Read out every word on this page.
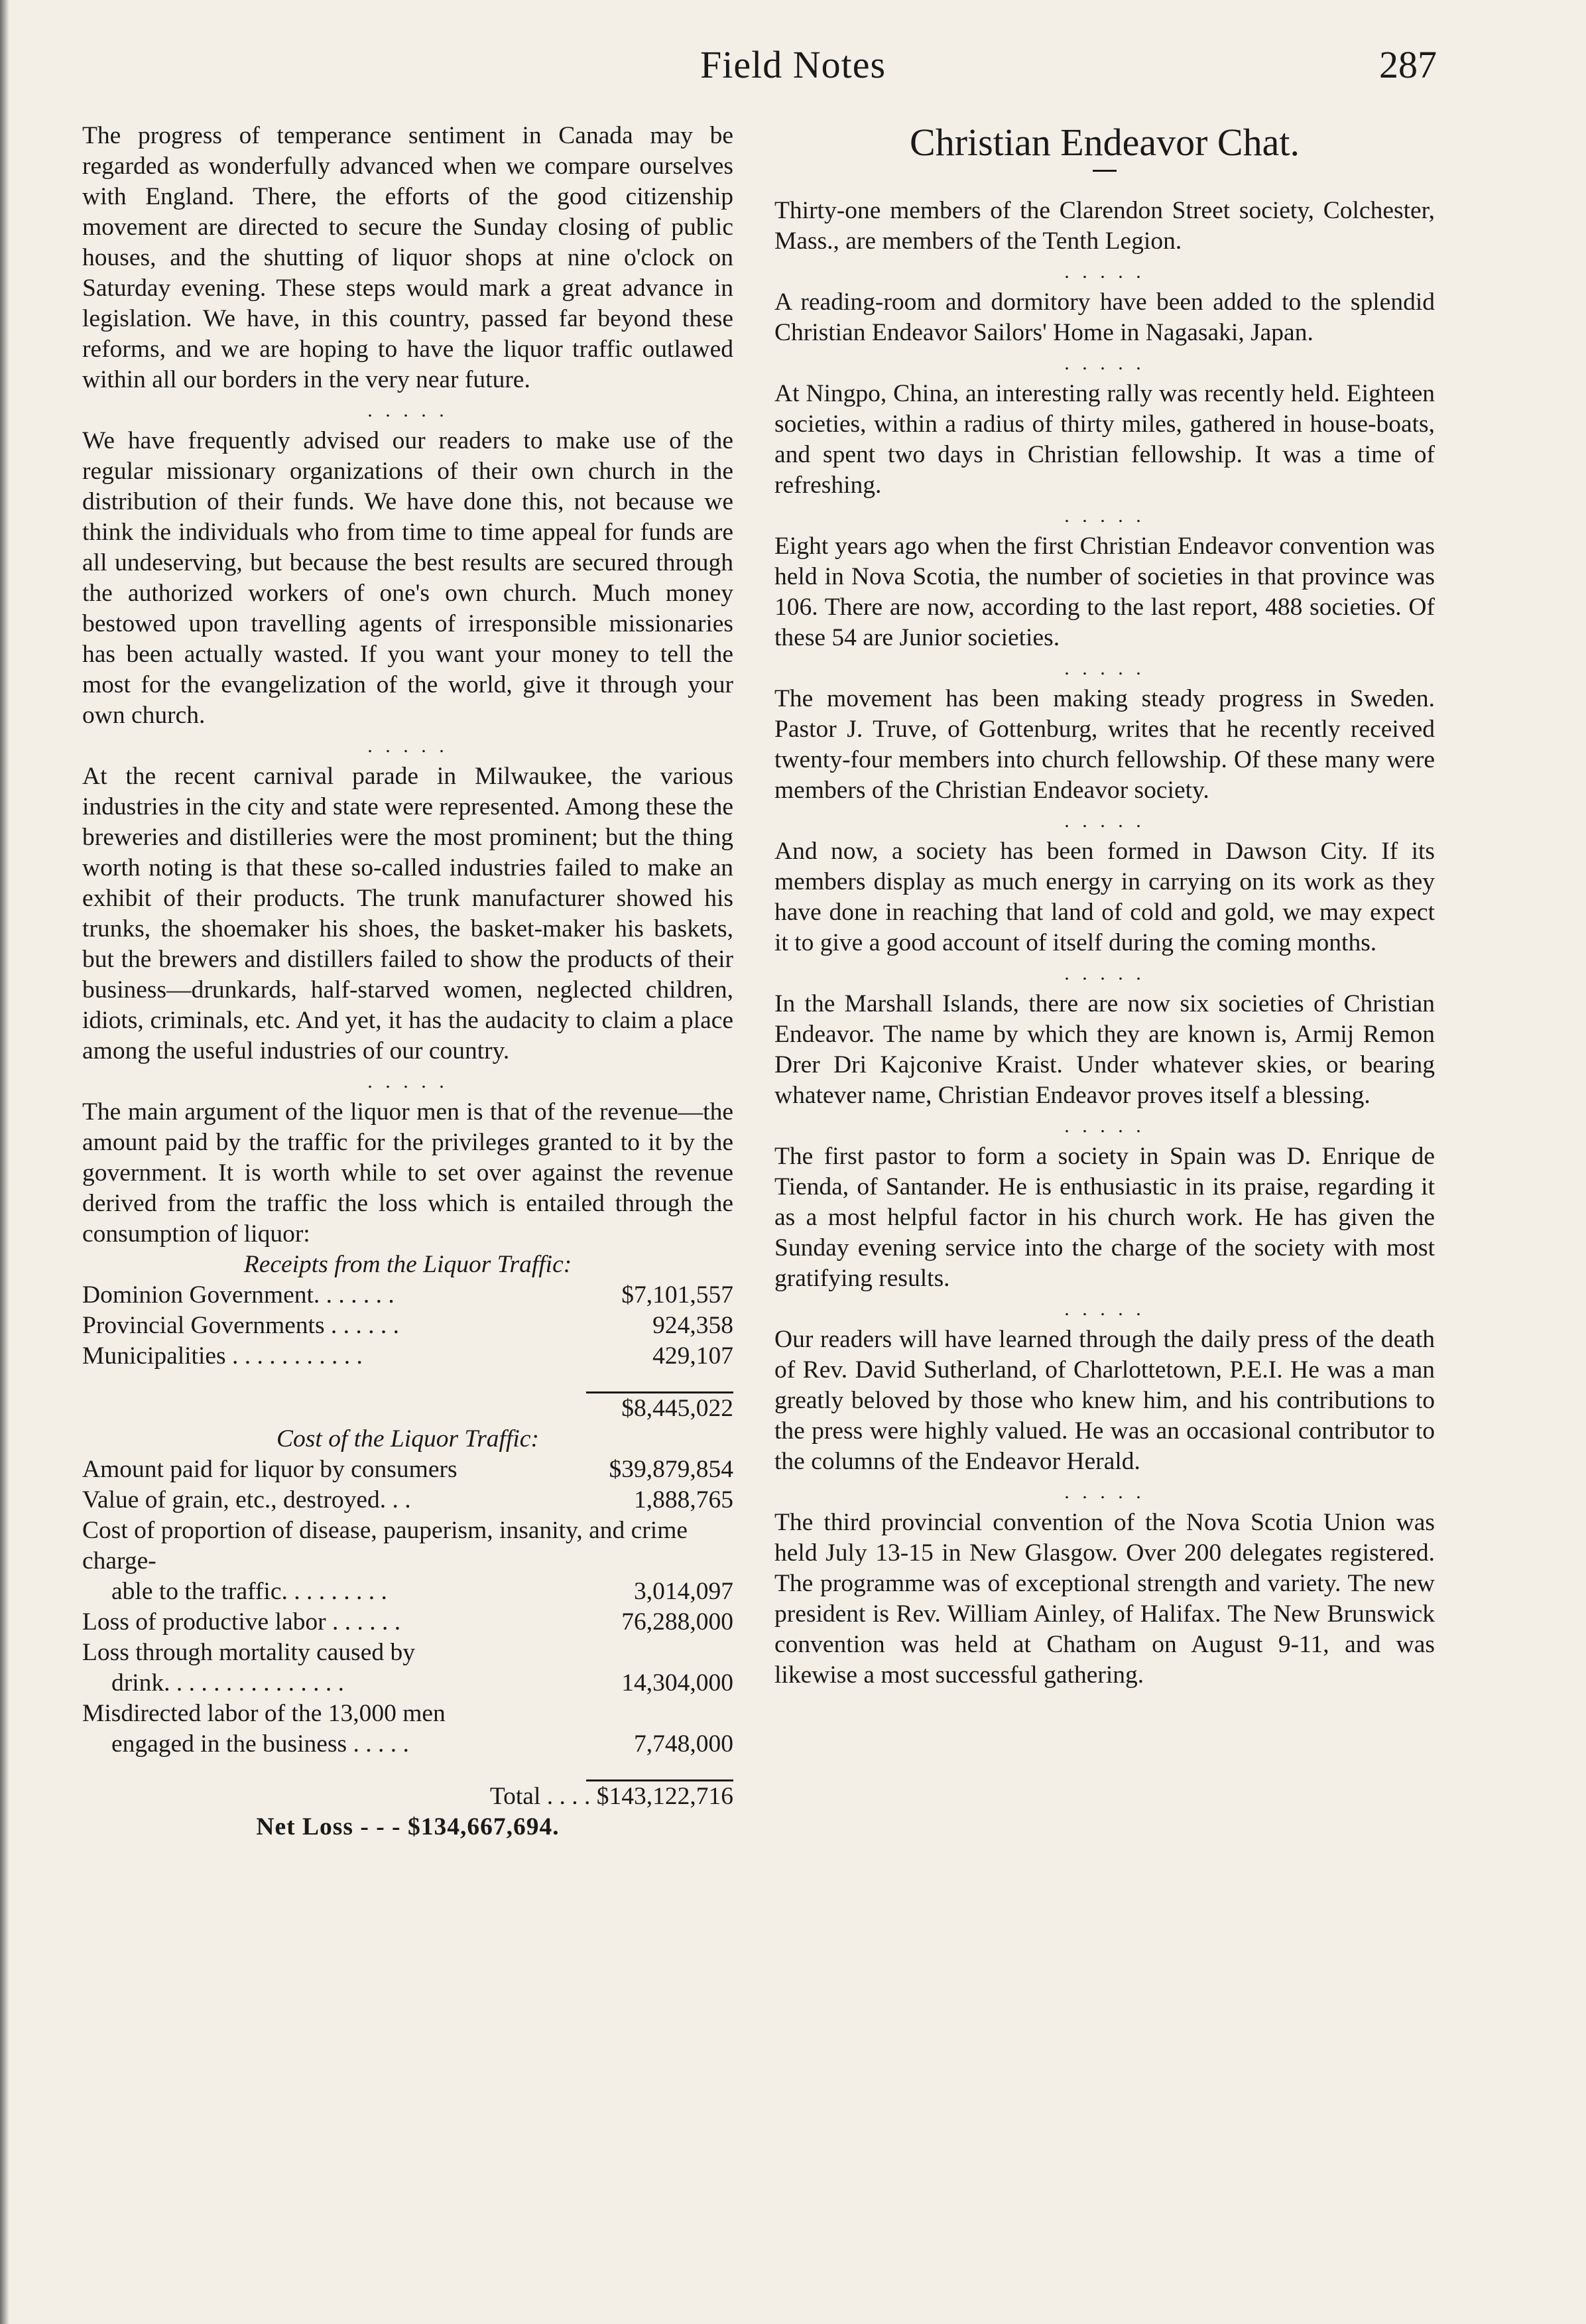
Field Notes	287

The progress of temperance sentiment in Canada may be regarded as wonderfully advanced when we compare ourselves with England. There, the efforts of the good citizenship movement are directed to secure the Sunday closing of public houses, and the shutting of liquor shops at nine o'clock on Saturday evening. These steps would mark a great advance in legislation. We have, in this country, passed far beyond these reforms, and we are hoping to have the liquor traffic outlawed within all our borders in the very near future.

. . . . .

We have frequently advised our readers to make use of the regular missionary organizations of their own church in the distribution of their funds. We have done this, not because we think the individuals who from time to time appeal for funds are all undeserving, but because the best results are secured through the authorized workers of one's own church. Much money bestowed upon travelling agents of irresponsible missionaries has been actually wasted. If you want your money to tell the most for the evangelization of the world, give it through your own church.

. . . . .

At the recent carnival parade in Milwaukee, the various industries in the city and state were represented. Among these the breweries and distilleries were the most prominent; but the thing worth noting is that these so-called industries failed to make an exhibit of their products. The trunk manufacturer showed his trunks, the shoemaker his shoes, the basket-maker his baskets, but the brewers and distillers failed to show the products of their business—drunkards, half-starved women, neglected children, idiots, criminals, etc. And yet, it has the audacity to claim a place among the useful industries of our country.

. . . . .

The main argument of the liquor men is that of the revenue—the amount paid by the traffic for the privileges granted to it by the government. It is worth while to set over against the revenue derived from the traffic the loss which is entailed through the consumption of liquor:

Receipts from the Liquor Traffic:
Dominion Government. . . . . . .	$7,101,557
Provincial Governments . . . . . .	924,358
Municipalities . . . . . . . . . . .	429,107
$8,445,022
Cost of the Liquor Traffic:
Amount paid for liquor by consumers	$39,879,854
Value of grain, etc., destroyed. . .	1,888,765
Cost of proportion of disease, pauperism, insanity, and crime charge-
able to the traffic. . . . . . . . .	3,014,097
Loss of productive labor . . . . . .	76,288,000
Loss through mortality caused by
drink. . . . . . . . . . . . . . .	14,304,000
Misdirected labor of the 13,000 men
engaged in the business . . . . .	7,748,000
Total . . . . $143,122,716
Net Loss - - - $134,667,694.
Christian Endeavor Chat.

Thirty-one members of the Clarendon Street society, Colchester, Mass., are members of the Tenth Legion.

. . . . .

A reading-room and dormitory have been added to the splendid Christian Endeavor Sailors' Home in Nagasaki, Japan.

. . . . .

At Ningpo, China, an interesting rally was recently held. Eighteen societies, within a radius of thirty miles, gathered in house-boats, and spent two days in Christian fellowship. It was a time of refreshing.

. . . . .

Eight years ago when the first Christian Endeavor convention was held in Nova Scotia, the number of societies in that province was 106. There are now, according to the last report, 488 societies. Of these 54 are Junior societies.

. . . . .

The movement has been making steady progress in Sweden. Pastor J. Truve, of Gottenburg, writes that he recently received twenty-four members into church fellowship. Of these many were members of the Christian Endeavor society.

. . . . .

And now, a society has been formed in Dawson City. If its members display as much energy in carrying on its work as they have done in reaching that land of cold and gold, we may expect it to give a good account of itself during the coming months.

. . . . .

In the Marshall Islands, there are now six societies of Christian Endeavor. The name by which they are known is, Armij Remon Drer Dri Kajconive Kraist. Under whatever skies, or bearing whatever name, Christian Endeavor proves itself a blessing.

. . . . .

The first pastor to form a society in Spain was D. Enrique de Tienda, of Santander. He is enthusiastic in its praise, regarding it as a most helpful factor in his church work. He has given the Sunday evening service into the charge of the society with most gratifying results.

. . . . .

Our readers will have learned through the daily press of the death of Rev. David Sutherland, of Charlottetown, P.E.I. He was a man greatly beloved by those who knew him, and his contributions to the press were highly valued. He was an occasional contributor to the columns of the Endeavor Herald.

. . . . .

The third provincial convention of the Nova Scotia Union was held July 13-15 in New Glasgow. Over 200 delegates registered. The programme was of exceptional strength and variety. The new president is Rev. William Ainley, of Halifax. The New Brunswick convention was held at Chatham on August 9-11, and was likewise a most successful gathering.
